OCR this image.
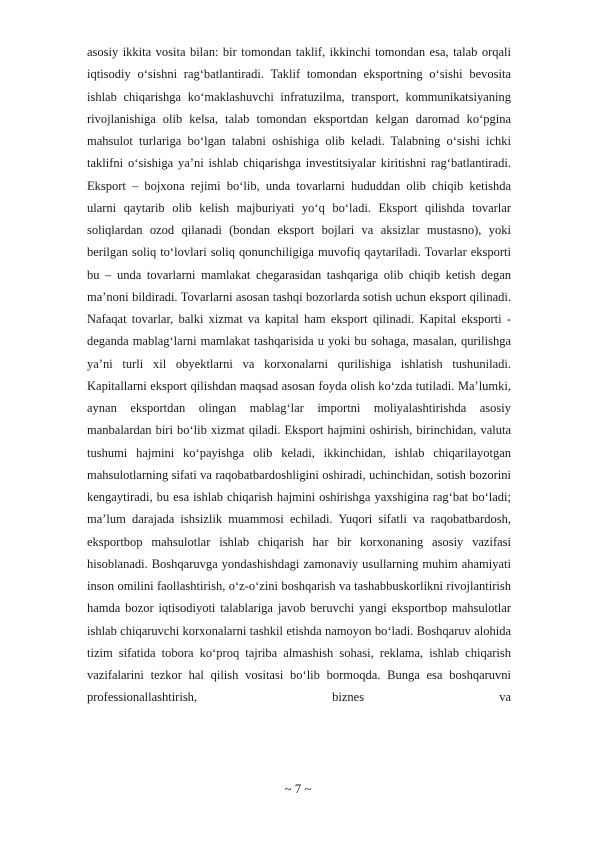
asosiy ikkita vosita bilan: bir tomondan taklif, ikkinchi tomondan esa, talab orqali iqtisodiy o‘sishni rag‘batlantiradi. Taklif tomondan eksportning o‘sishi bevosita ishlab chiqarishga ko‘maklashuvchi infratuzilma, transport, kommunikatsiyaning rivojlanishiga olib kelsa, talab tomondan eksportdan kelgan daromad ko‘pgina mahsulot turlariga bo‘lgan talabni oshishiga olib keladi. Talabning o‘sishi ichki taklifni o‘sishiga ya’ni ishlab chiqarishga investitsiyalar kiritishni rag‘batlantiradi. Eksport – bojxona rejimi bo‘lib, unda tovarlarni hududdan olib chiqib ketishda ularni qaytarib olib kelish majburiyati yo‘q bo‘ladi. Eksport qilishda tovarlar soliqlardan ozod qilanadi (bondan eksport bojlari va aksizlar mustasno), yoki berilgan soliq to‘lovlari soliq qonunchiligiga muvofiq qaytariladi. Tovarlar eksporti bu – unda tovarlarni mamlakat chegarasidan tashqariga olib chiqib ketish degan ma’noni bildiradi. Tovarlarni asosan tashqi bozorlarda sotish uchun eksport qilinadi. Nafaqat tovarlar, balki xizmat va kapital ham eksport qilinadi. Kapital eksporti - deganda mablag‘larni mamlakat tashqarisida u yoki bu sohaga, masalan, qurilishga ya’ni turli xil obyektlarni va korxonalarni qurilishiga ishlatish tushuniladi. Kapitallarni eksport qilishdan maqsad asosan foyda olish ko‘zda tutiladi. Ma’lumki, aynan eksportdan olingan mablag‘lar importni moliyalashtirishda asosiy manbalardan biri bo‘lib xizmat qiladi. Eksport hajmini oshirish, birinchidan, valuta tushumi hajmini ko‘payishga olib keladi, ikkinchidan, ishlab chiqarilayotgan mahsulotlarning sifati va raqobatbardoshligini oshiradi, uchinchidan, sotish bozorini kengaytiradi, bu esa ishlab chiqarish hajmini oshirishga yaxshigina rag‘bat bo‘ladi; ma’lum darajada ishsizlik muammosi echiladi. Yuqori sifatli va raqobatbardosh, eksportbop mahsulotlar ishlab chiqarish har bir korxonaning asosiy vazifasi hisoblanadi. Boshqaruvga yondashishdagi zamonaviy usullarning muhim ahamiyati inson omilini faollashtirish, o‘z-o‘zini boshqarish va tashabbuskorlikni rivojlantirish hamda bozor iqtisodiyoti talablariga javob beruvchi yangi eksportbop mahsulotlar ishlab chiqaruvchi korxonalarni tashkil etishda namoyon bo‘ladi. Boshqaruv alohida tizim sifatida tobora ko‘proq tajriba almashish sohasi, reklama, ishlab chiqarish vazifalarini tezkor hal qilish vositasi bo‘lib bormoqda. Bunga esa boshqaruvni professionallashtirish, biznes va

~ 7 ~
